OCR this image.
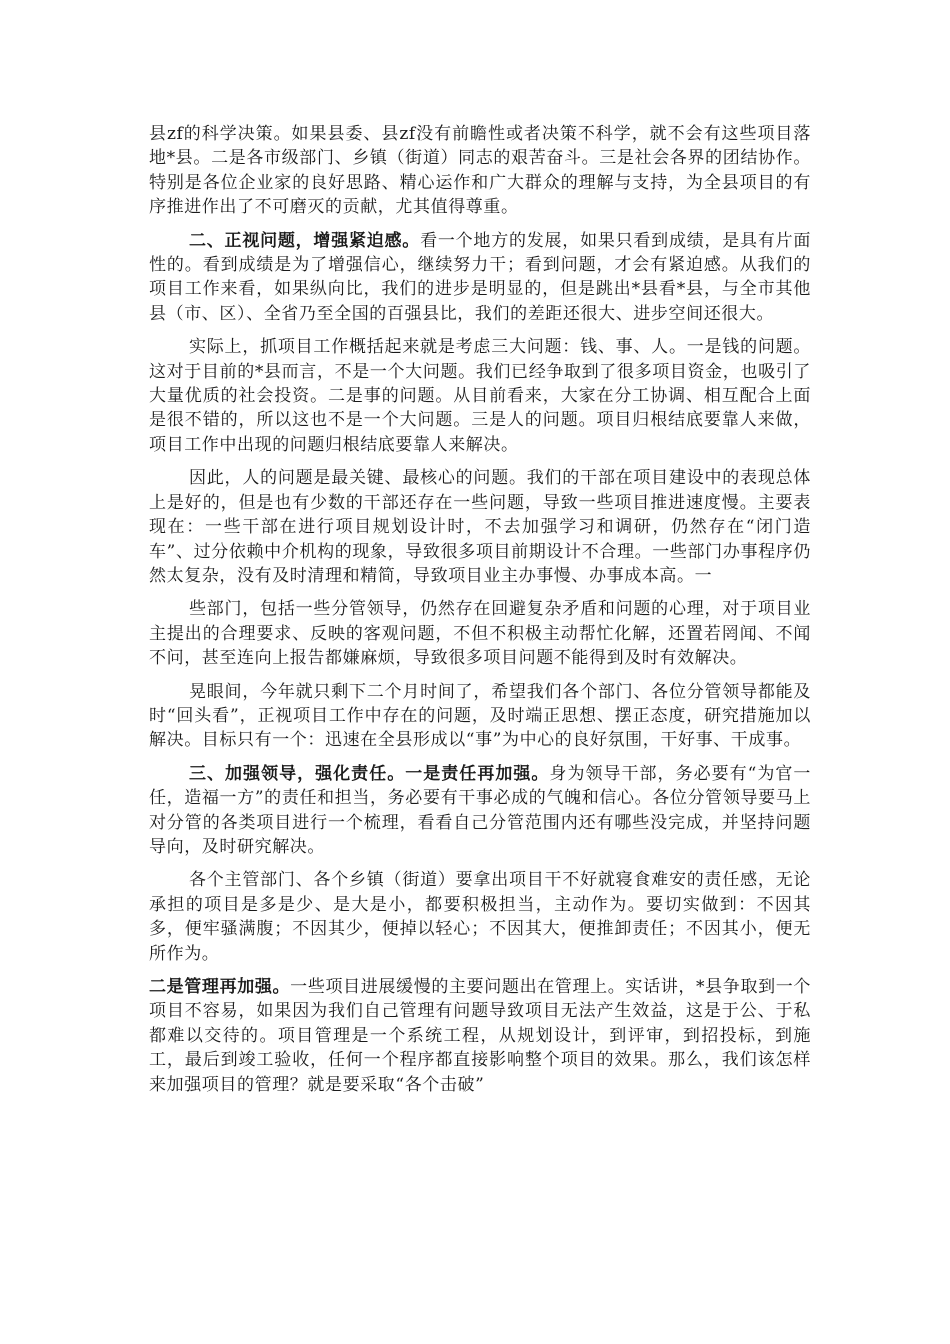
县zf的科学决策。如果县委、县zf没有前瞻性或者决策不科学，就不会有这些项目落地*县。二是各市级部门、乡镇（街道）同志的艰苦奋斗。三是社会各界的团结协作。特别是各位企业家的良好思路、精心运作和广大群众的理解与支持，为全县项目的有序推进作出了不可磨灭的贡献，尤其值得尊重。

二、正视问题，增强紧迫感。看一个地方的发展，如果只看到成绩，是具有片面性的。看到成绩是为了增强信心，继续努力干；看到问题，才会有紧迫感。从我们的项目工作来看，如果纵向比，我们的进步是明显的，但是跳出*县看*县，与全市其他县（市、区）、全省乃至全国的百强县比，我们的差距还很大、进步空间还很大。

实际上，抓项目工作概括起来就是考虑三大问题：钱、事、人。一是钱的问题。这对于目前的*县而言，不是一个大问题。我们已经争取到了很多项目资金，也吸引了大量优质的社会投资。二是事的问题。从目前看来，大家在分工协调、相互配合上面是很不错的，所以这也不是一个大问题。三是人的问题。项目归根结底要靠人来做，项目工作中出现的问题归根结底要靠人来解决。

因此，人的问题是最关键、最核心的问题。我们的干部在项目建设中的表现总体上是好的，但是也有少数的干部还存在一些问题，导致一些项目推进速度慢。主要表现在：一些干部在进行项目规划设计时，不去加强学习和调研，仍然存在“闭门造车”、过分依赖中介机构的现象，导致很多项目前期设计不合理。一些部门办事程序仍然太复杂，没有及时清理和精简，导致项目业主办事慢、办事成本高。一

些部门，包括一些分管领导，仍然存在回避复杂矛盾和问题的心理，对于项目业主提出的合理要求、反映的客观问题，不但不积极主动帮忙化解，还置若罔闻、不闻不问，甚至连向上报告都嫌麻烦，导致很多项目问题不能得到及时有效解决。

晃眼间，今年就只剩下二个月时间了，希望我们各个部门、各位分管领导都能及时“回头看”，正视项目工作中存在的问题，及时端正思想、摆正态度，研究措施加以解决。目标只有一个：迅速在全县形成以“事”为中心的良好氛围，干好事、干成事。

三、加强领导，强化责任。一是责任再加强。身为领导干部，务必要有“为官一任，造福一方”的责任和担当，务必要有干事必成的气魄和信心。各位分管领导要马上对分管的各类项目进行一个梳理，看看自己分管范围内还有哪些没完成，并坚持问题导向，及时研究解决。

各个主管部门、各个乡镇（街道）要拿出项目干不好就寝食难安的责任感，无论承担的项目是多是少、是大是小，都要积极担当，主动作为。要切实做到：不因其多，便牢骚满腹；不因其少，便掉以轻心；不因其大，便推卸责任；不因其小，便无所作为。

二是管理再加强。一些项目进展缓慢的主要问题出在管理上。实话讲，*县争取到一个项目不容易，如果因为我们自己管理有问题导致项目无法产生效益，这是于公、于私都难以交待的。项目管理是一个系统工程，从规划设计，到评审，到招投标，到施工，最后到竣工验收，任何一个程序都直接影响整个项目的效果。那么，我们该怎样来加强项目的管理？就是要采取“各个击破”
